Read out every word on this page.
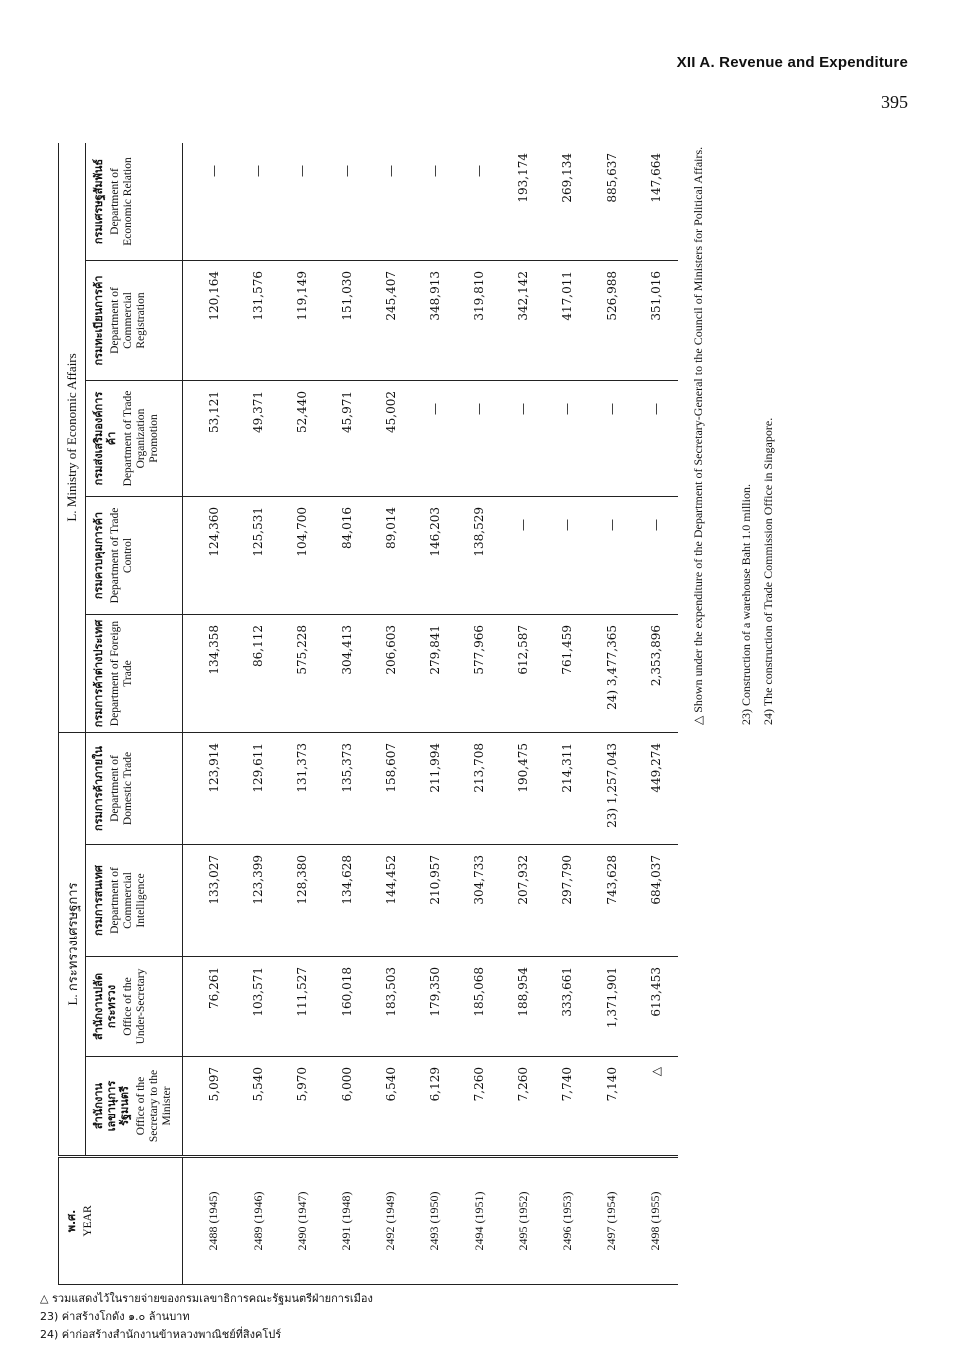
XII A. Revenue and Expenditure
395
พ.ศ. YEAR	L. กระทรวงเศรษฐการ				L. Ministry of Economic Affairs				

	สำนักงานเลขานุการรัฐมนตรี Office of the Secretary to the Minister	สำนักงานปลัดกระทรวง Office of the Under-Secretary	กรมการสนเทศ Department of Commercial Intelligence	กรมการค้าภายใน Department of Domestic Trade	กรมการค้าต่างประเทศ Department of Foreign Trade	กรมควบคุมการค้า Department of Trade Control	กรมส่งเสริมองค์การค้า Department of Trade Organization Promotion	กรมทะเบียนการค้า Department of Commercial Registration	กรมเศรษฐสัมพันธ์ Department of Economic Relation

2488 (1945)	5,097	76,261	133,027	123,914	134,358	124,360	53,121	120,164	—
2489 (1946)	5,540	103,571	123,399	129,611	86,112	125,531	49,371	131,576	—
2490 (1947)	5,970	111,527	128,380	131,373	575,228	104,700	52,440	119,149	—
2491 (1948)	6,000	160,018	134,628	135,373	304,413	84,016	45,971	151,030	—
2492 (1949)	6,540	183,503	144,452	158,607	206,603	89,014	45,002	245,407	—
2493 (1950)	6,129	179,350	210,957	211,994	279,841	146,203	—	348,913	—
2494 (1951)	7,260	185,068	304,733	213,708	577,966	138,529	—	319,810	—
2495 (1952)	7,260	188,954	207,932	190,475	612,587	—	—	342,142	193,174
2496 (1953)	7,740	333,661	297,790	214,311	761,459	—	—	417,011	269,134
2497 (1954)	7,140	1,371,901	743,628	23) 1,257,043	24) 3,477,365	—	—	526,988	885,637
2498 (1955)	△	613,453	684,037	449,274	2,353,896	—	—	351,016	147,664	△ Shown under the expenditure of the Department of Secretary-General to the Council of Ministers for Political Affairs.	23) Construction of a warehouse Baht 1.0 million. 24) The construction of Trade Commission Office in Singapore.

△ รวมแสดงไว้ในรายจ่ายของกรมเลขาธิการคณะรัฐมนตรีฝ่ายการเมือง
23) ค่าสร้างโกดัง ๑.๐ ล้านบาท
24) ค่าก่อสร้างสำนักงานข้าหลวงพาณิชย์ที่สิงคโปร์
